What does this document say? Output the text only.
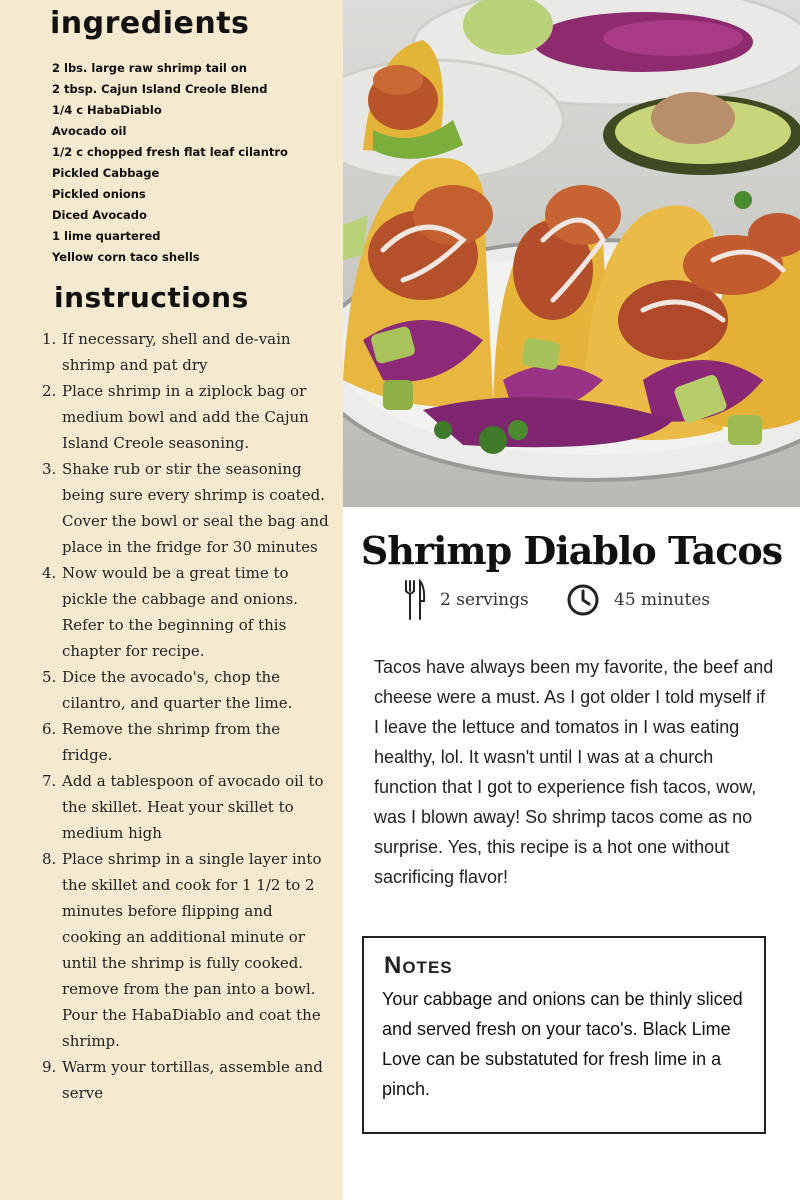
ingredients
2 lbs. large raw shrimp tail on
2 tbsp. Cajun Island Creole Blend
1/4 c HabaDiablo
Avocado oil
1/2 c chopped fresh flat leaf cilantro
Pickled Cabbage
Pickled onions
Diced Avocado
1 lime quartered
Yellow corn taco shells
instructions
1. If necessary, shell and de-vain shrimp and pat dry
2. Place shrimp in a ziplock bag or medium bowl and add the Cajun Island Creole seasoning.
3. Shake rub or stir the seasoning being sure every shrimp is coated. Cover the bowl or seal the bag and place in the fridge for 30 minutes
4. Now would be a great time to pickle the cabbage and onions. Refer to the beginning of this chapter for recipe.
5. Dice the avocado's, chop the cilantro, and quarter the lime.
6. Remove the shrimp from the fridge.
7. Add a tablespoon of avocado oil to the skillet. Heat your skillet to medium high
8. Place shrimp in a single layer into the skillet and cook for 1 1/2 to 2 minutes before flipping and cooking an additional minute or until the shrimp is fully cooked. remove from the pan into a bowl. Pour the HabaDiablo and coat the shrimp.
9. Warm your tortillas, assemble and serve
Shrimp Diablo Tacos
2 servings	45 minutes

Tacos have always been my favorite, the beef and cheese were a must. As I got older I told myself if I leave the lettuce and tomatos in I was eating healthy, lol. It wasn't until I was at a church function that I got to experience fish tacos, wow, was I blown away! So shrimp tacos come as no surprise. Yes, this recipe is a hot one without sacrificing flavor!

Notes

Your cabbage and onions can be thinly sliced and served fresh on your taco's. Black Lime Love can be substatuted for fresh lime in a pinch.
